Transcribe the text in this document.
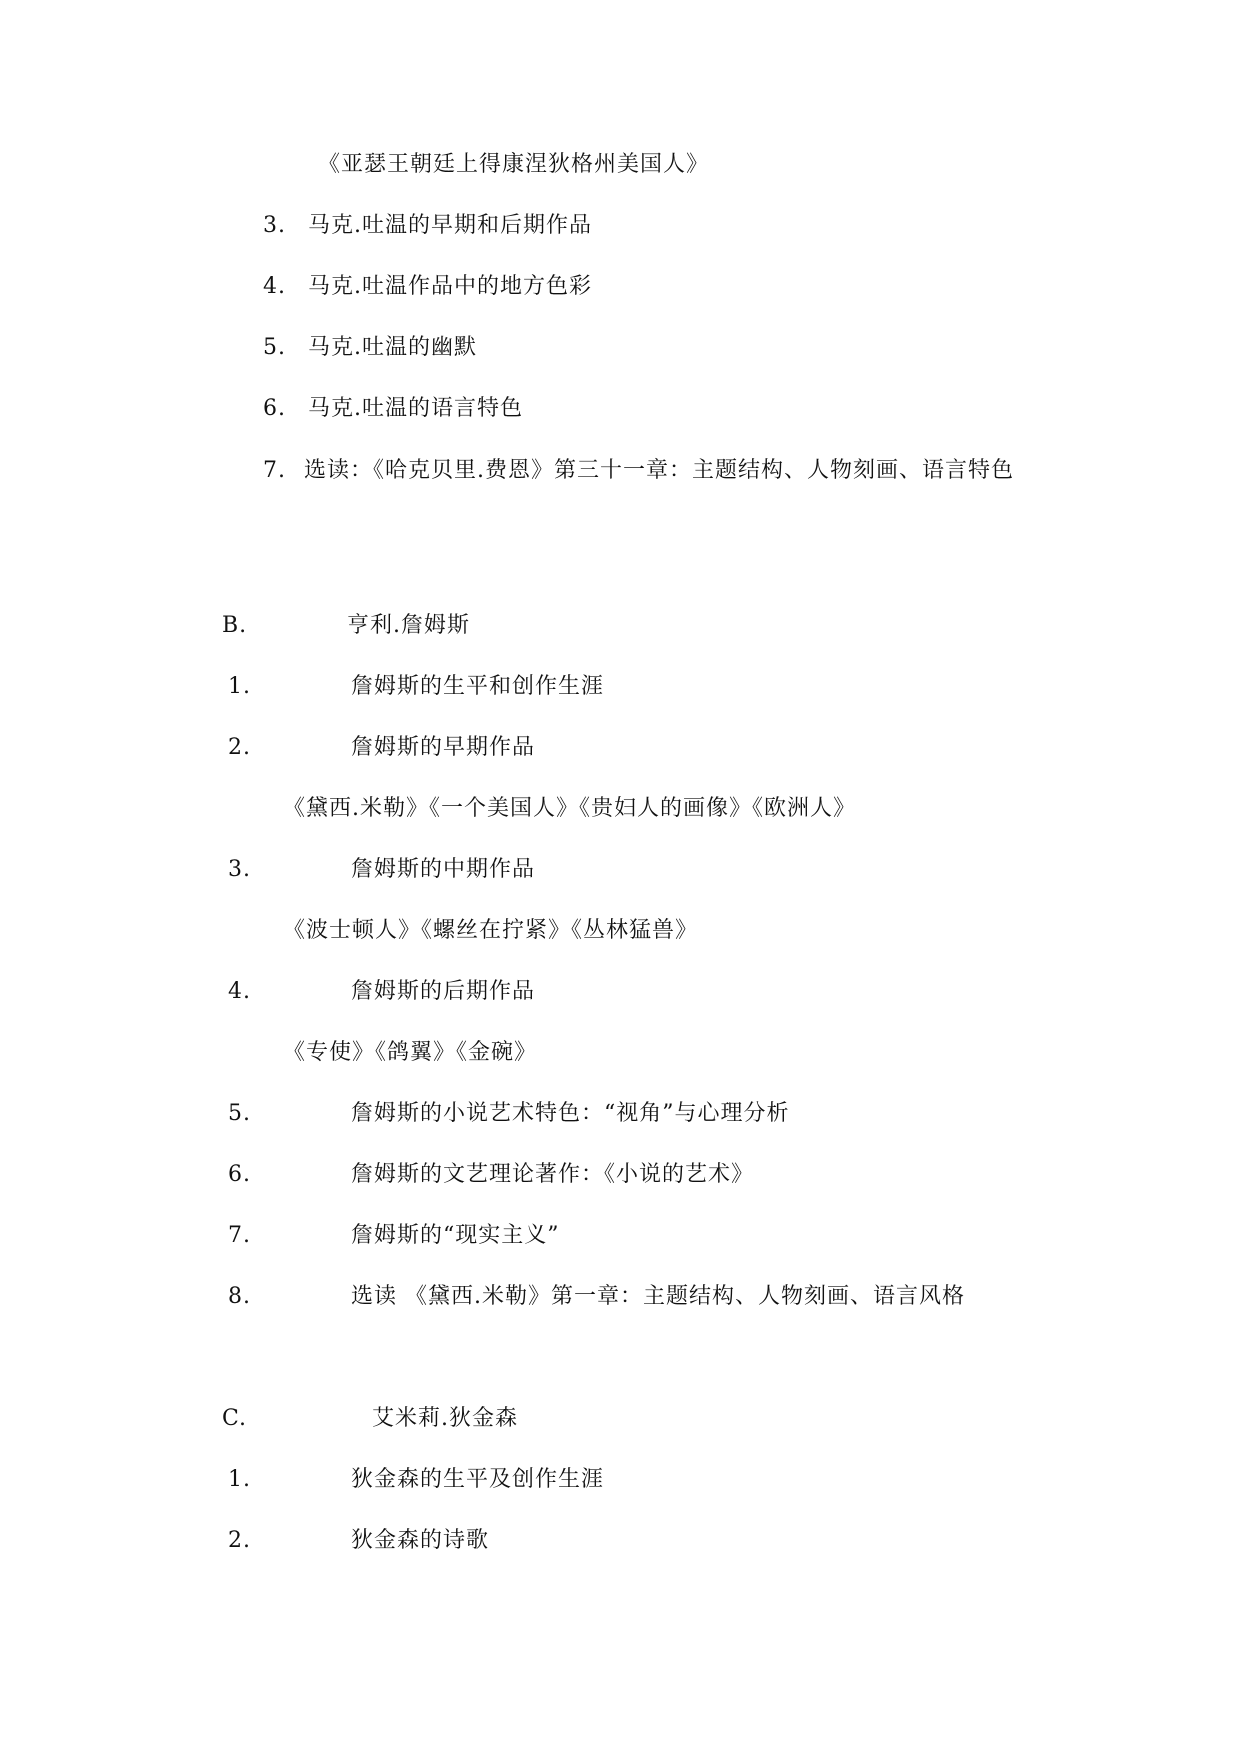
《亚瑟王朝廷上得康涅狄格州美国人》
3. 马克.吐温的早期和后期作品
4. 马克.吐温作品中的地方色彩
5. 马克.吐温的幽默
6. 马克.吐温的语言特色
7. 选读：《哈克贝里.费恩》第三十一章：主题结构、人物刻画、语言特色
B.	亨利.詹姆斯
1.	詹姆斯的生平和创作生涯
2.	詹姆斯的早期作品
《黛西.米勒》《一个美国人》《贵妇人的画像》《欧洲人》
3.	詹姆斯的中期作品
《波士顿人》《螺丝在拧紧》《丛林猛兽》
4.	詹姆斯的后期作品
《专使》《鸽翼》《金碗》
5.	詹姆斯的小说艺术特色：“视角”与心理分析
6.	詹姆斯的文艺理论著作：《小说的艺术》
7.	詹姆斯的“现实主义”
8.	选读 《黛西.米勒》第一章：主题结构、人物刻画、语言风格
C.	艾米莉.狄金森
1.	狄金森的生平及创作生涯
2.	狄金森的诗歌
